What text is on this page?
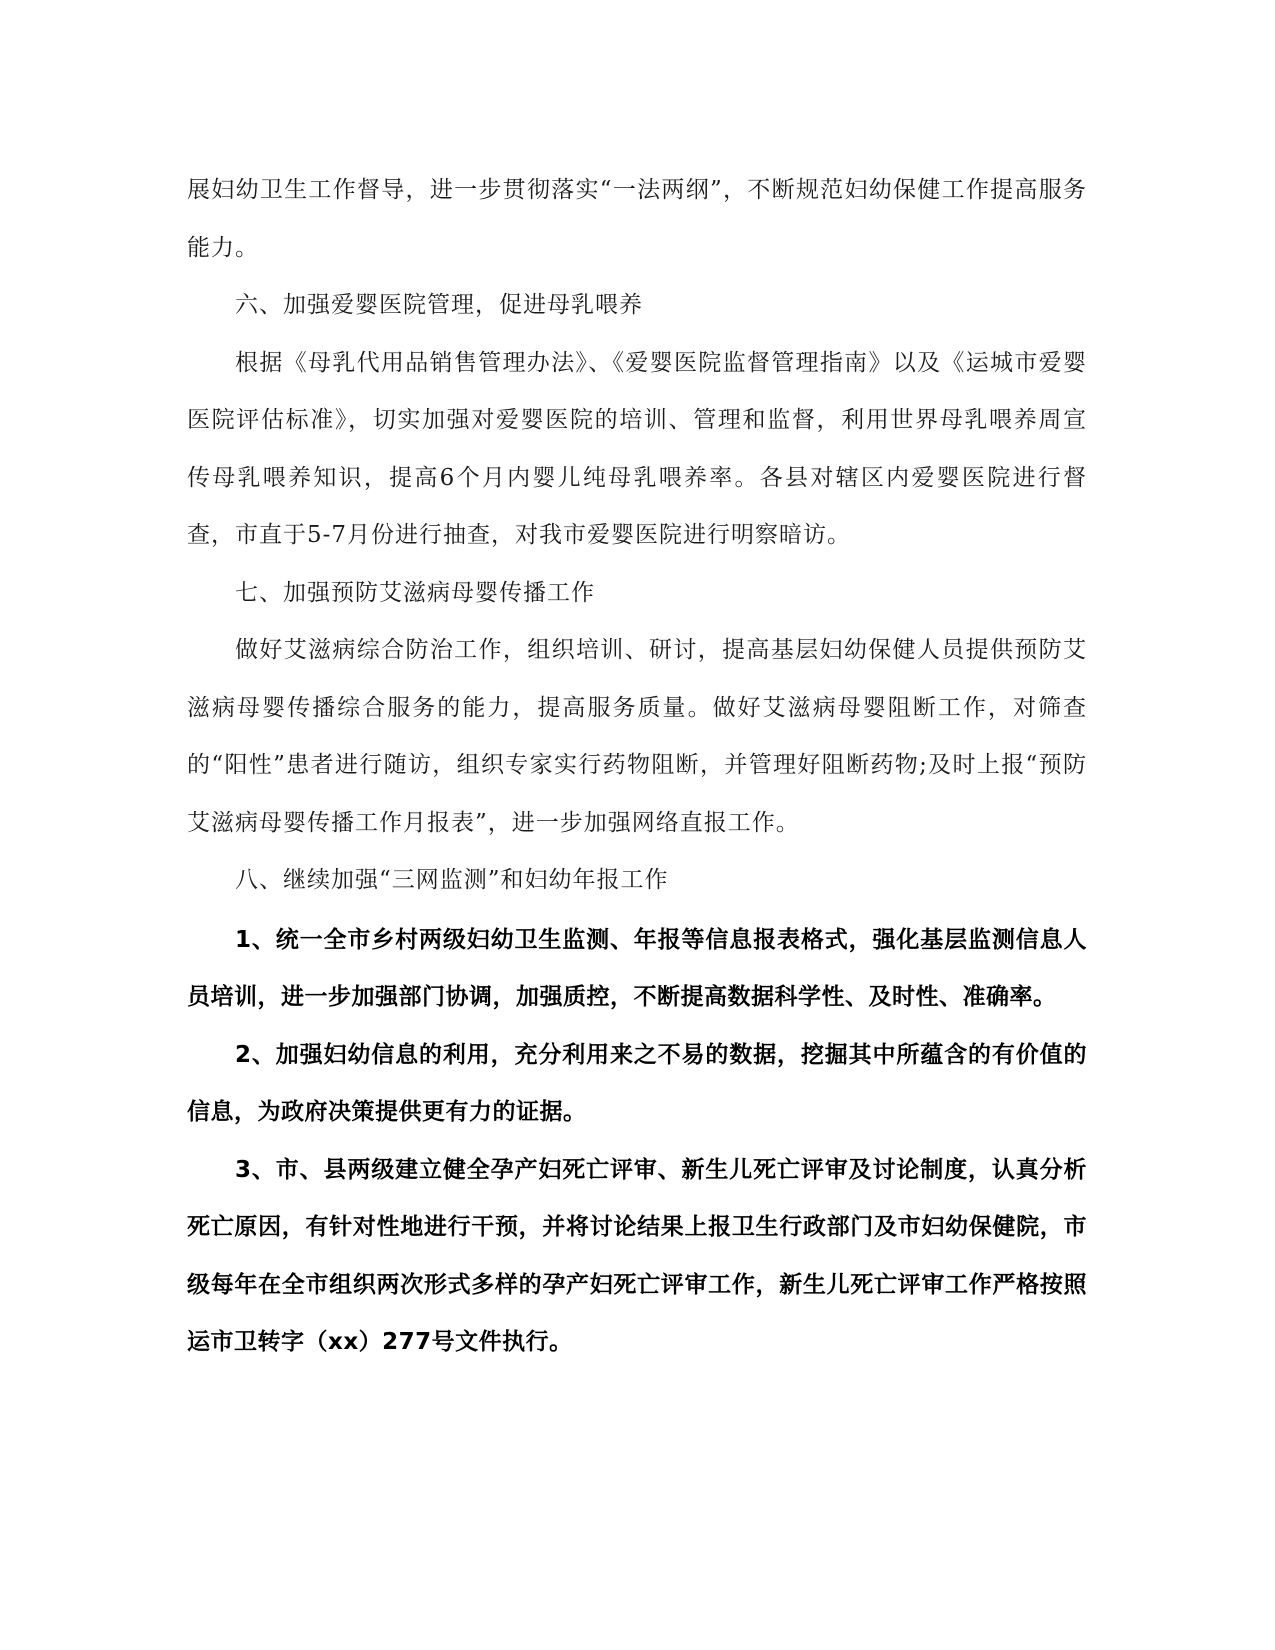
展妇幼卫生工作督导，进一步贯彻落实“一法两纲”，不断规范妇幼保健工作提高服务能力。

六、加强爱婴医院管理，促进母乳喂养

根据《母乳代用品销售管理办法》、《爱婴医院监督管理指南》以及《运城市爱婴医院评估标准》，切实加强对爱婴医院的培训、管理和监督，利用世界母乳喂养周宣传母乳喂养知识，提高6个月内婴儿纯母乳喂养率。各县对辖区内爱婴医院进行督查，市直于5-7月份进行抽查，对我市爱婴医院进行明察暗访。

七、加强预防艾滋病母婴传播工作

做好艾滋病综合防治工作，组织培训、研讨，提高基层妇幼保健人员提供预防艾滋病母婴传播综合服务的能力，提高服务质量。做好艾滋病母婴阻断工作，对筛查的“阳性”患者进行随访，组织专家实行药物阻断，并管理好阻断药物;及时上报“预防艾滋病母婴传播工作月报表”，进一步加强网络直报工作。

八、继续加强“三网监测”和妇幼年报工作

1、统一全市乡村两级妇幼卫生监测、年报等信息报表格式，强化基层监测信息人员培训，进一步加强部门协调，加强质控，不断提高数据科学性、及时性、准确率。

2、加强妇幼信息的利用，充分利用来之不易的数据，挖掘其中所蕴含的有价值的信息，为政府决策提供更有力的证据。

3、市、县两级建立健全孕产妇死亡评审、新生儿死亡评审及讨论制度，认真分析死亡原因，有针对性地进行干预，并将讨论结果上报卫生行政部门及市妇幼保健院，市级每年在全市组织两次形式多样的孕产妇死亡评审工作，新生儿死亡评审工作严格按照运市卫转字（xx）277号文件执行。
